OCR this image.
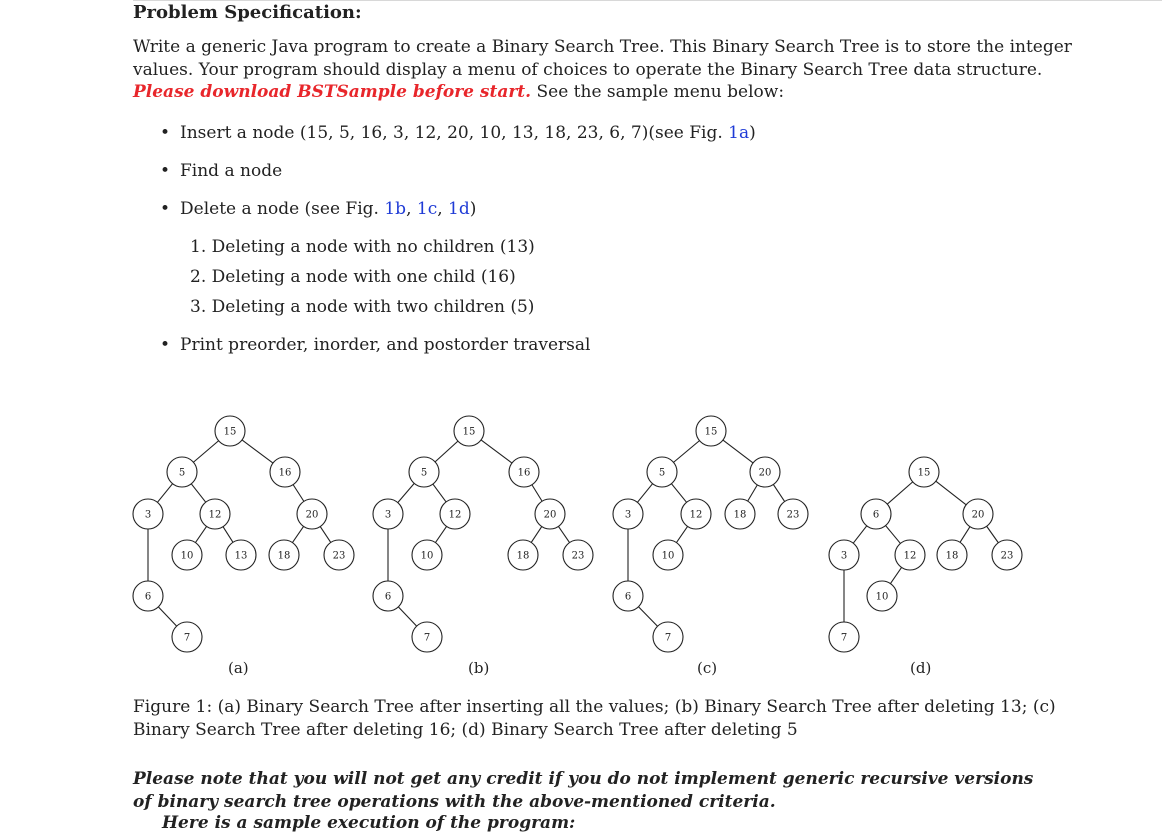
Problem Specification:
Write a generic Java program to create a Binary Search Tree. This Binary Search Tree is to store the integer
values. Your program should display a menu of choices to operate the Binary Search Tree data structure.
Please download BSTSample before start. See the sample menu below:
• Insert a node (15, 5, 16, 3, 12, 20, 10, 13, 18, 23, 6, 7)(see Fig. 1a)
• Find a node
• Delete a node (see Fig. 1b, 1c, 1d)
1. Deleting a node with no children (13)
2. Deleting a node with one child (16)
3. Deleting a node with two children (5)
• Print preorder, inorder, and postorder traversal
15
5	16
3	12	20
6
10	13	18	23
7
15
5	16
3	12	20
6
10	18	23
7
15
5	20
3	12	18	23
6
10
7
15
6	20
3	12	18	23
7
10
(a)	(b)	(c)	(d)
Figure 1: (a) Binary Search Tree after inserting all the values; (b) Binary Search Tree after deleting 13; (c)
Binary Search Tree after deleting 16; (d) Binary Search Tree after deleting 5
Please note that you will not get any credit if you do not implement generic recursive versions
of binary search tree operations with the above-mentioned criteria.
Here is a sample execution of the program:
